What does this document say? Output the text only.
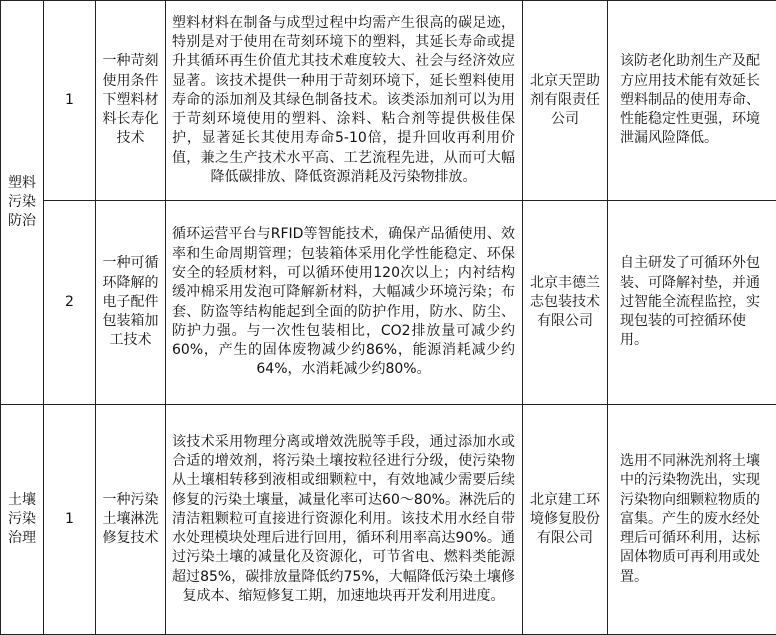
塑料污染防治	1	一种苛刻使用条件下塑料材料长寿化技术	塑料材料在制备与成型过程中均需产生很高的碳足迹，特别是对于使用在苛刻环境下的塑料，其延长寿命或提升其循环再生价值尤其技术难度较大、社会与经济效应显著。该技术提供一种用于苛刻环境下，延长塑料使用寿命的添加剂及其绿色制备技术。该类添加剂可以为用于苛刻环境使用的塑料、涂料、粘合剂等提供极佳保护，显著延长其使用寿命5-10倍，提升回收再利用价值，兼之生产技术水平高、工艺流程先进，从而可大幅降低碳排放、降低资源消耗及污染物排放。	北京天罡助剂有限责任公司	该防老化助剂生产及配方应用技术能有效延长塑料制品的使用寿命、性能稳定性更强，环境泄漏风险降低。

	2	一种可循环降解的电子配件包装箱加工技术	循环运营平台与RFID等智能技术，确保产品循使用、效率和生命周期管理；包装箱体采用化学性能稳定、环保安全的轻质材料，可以循环使用120次以上；内衬结构缓冲棉采用发泡可降解新材料，大幅减少环境污染；布套、防盗等结构能起到全面的防护作用，防水、防尘、防护力强。与一次性包装相比，CO2排放量可减少约60%，产生的固体废物减少约86%，能源消耗减少约64%，水消耗减少约80%。	北京丰德兰志包装技术有限公司	自主研发了可循环外包装、可降解衬垫，并通过智能全流程监控，实现包装的可控循环使用。

土壤污染治理	1	一种污染土壤淋洗修复技术	该技术采用物理分离或增效洗脱等手段，通过添加水或合适的增效剂，将污染土壤按粒径进行分级，使污染物从土壤相转移到液相或细颗粒中，有效地减少需要后续修复的污染土壤量，减量化率可达60～80%。淋洗后的清洁粗颗粒可直接进行资源化利用。该技术用水经自带水处理模块处理后进行回用，循环利用率高达90%。通过污染土壤的减量化及资源化，可节省电、燃料类能源超过85%，碳排放量降低约75%，大幅降低污染土壤修复成本、缩短修复工期，加速地块再开发利用进度。	北京建工环境修复股份有限公司	选用不同淋洗剂将土壤中的污染物洗出，实现污染物向细颗粒物质的富集。产生的废水经处理后可循环利用，达标固体物质可再利用或处置。
